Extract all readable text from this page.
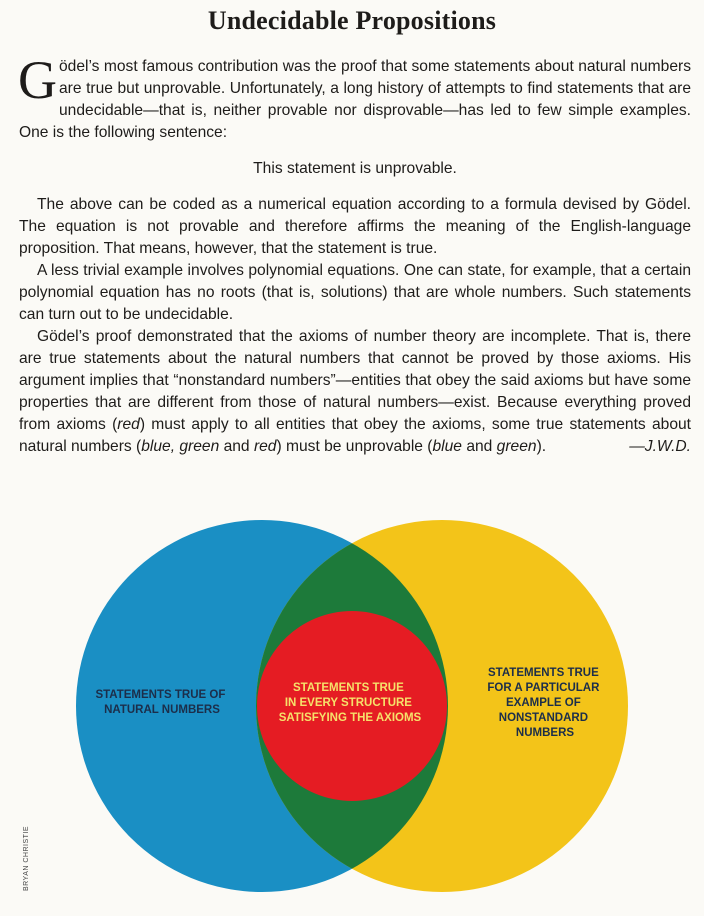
Undecidable Propositions

Gödel’s most famous contribution was the proof that some statements about natural numbers are true but unprovable. Unfortunately, a long history of attempts to find statements that are undecidable—that is, neither provable nor disprovable—has led to few simple examples. One is the following sentence:

This statement is unprovable.

The above can be coded as a numerical equation according to a formula devised by Gödel. The equation is not provable and therefore affirms the meaning of the English-language proposition. That means, however, that the statement is true.

A less trivial example involves polynomial equations. One can state, for example, that a certain polynomial equation has no roots (that is, solutions) that are whole numbers. Such statements can turn out to be undecidable.

Gödel’s proof demonstrated that the axioms of number theory are incomplete. That is, there are true statements about the natural numbers that cannot be proved by those axioms. His argument implies that “nonstandard numbers”—entities that obey the said axioms but have some properties that are different from those of natural numbers—exist. Because everything proved from axioms (red) must apply to all entities that obey the axioms, some true statements about natural numbers (blue, green and red) must be unprovable (blue and green).	—J.W.D.

STATEMENTS TRUE OF NATURAL NUMBERS
STATEMENTS TRUE IN EVERY STRUCTURE SATISFYING THE AXIOMS
STATEMENTS TRUE FOR A PARTICULAR EXAMPLE OF NONSTANDARD NUMBERS
BRYAN CHRISTIE
